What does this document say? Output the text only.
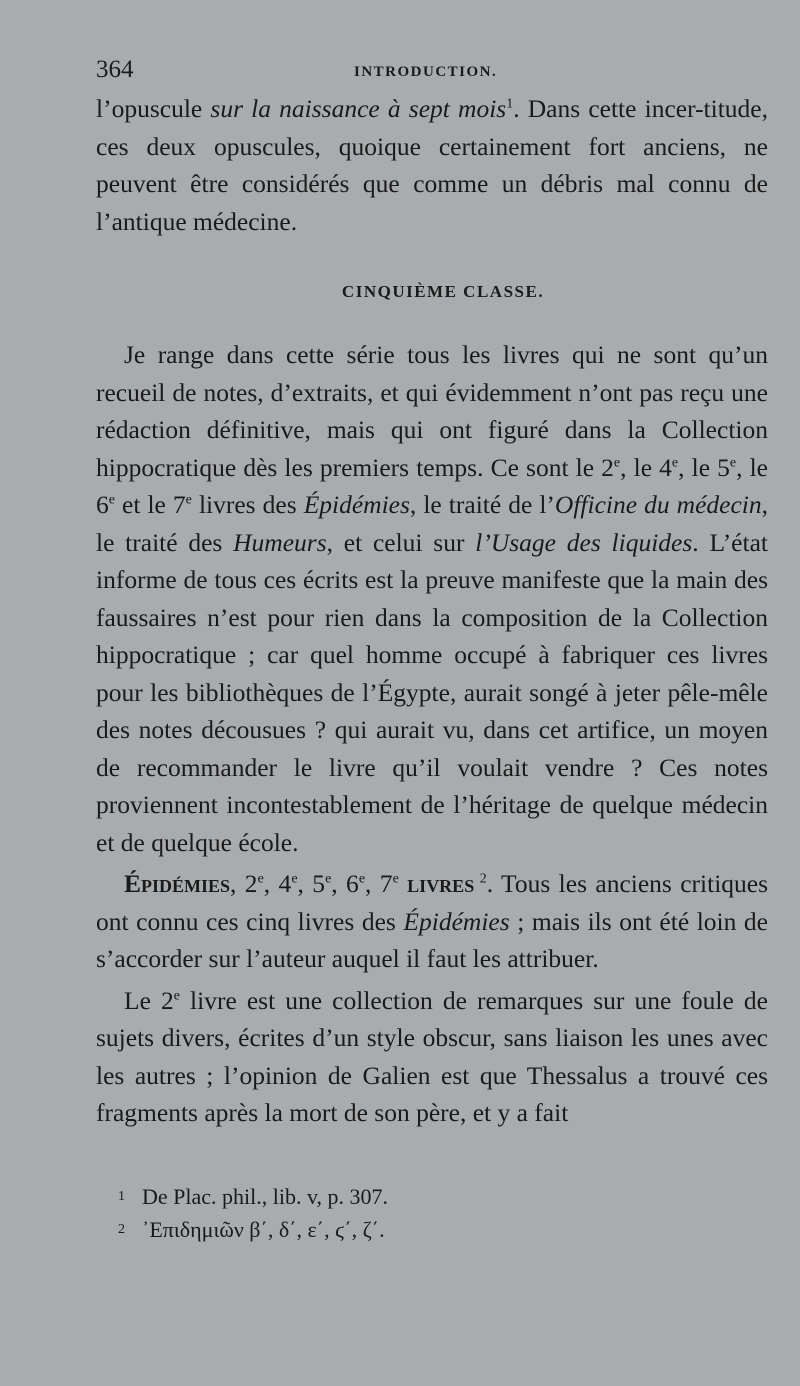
364	INTRODUCTION.

l’opuscule sur la naissance à sept mois$^1$. Dans cette incer-titude, ces deux opuscules, quoique certainement fort anciens, ne peuvent être considérés que comme un débris mal connu de l’antique médecine.

CINQUIÈME CLASSE.

Je range dans cette série tous les livres qui ne sont qu’un recueil de notes, d’extraits, et qui évidemment n’ont pas reçu une rédaction définitive, mais qui ont figuré dans la Collection hippocratique dès les premiers temps. Ce sont le 2e, le 4e, le 5e, le 6e et le 7e livres des Épidémies, le traité de l’Officine du médecin, le traité des Humeurs, et celui sur l’Usage des liquides. L’état informe de tous ces écrits est la preuve manifeste que la main des faussaires n’est pour rien dans la composition de la Collection hippocratique ; car quel homme occupé à fabriquer ces livres pour les bibliothèques de l’Égypte, aurait songé à jeter pêle-mêle des notes décousues ? qui aurait vu, dans cet artifice, un moyen de recommander le livre qu’il voulait vendre ? Ces notes proviennent incontestablement de l’héritage de quelque médecin et de quelque école.

Épidémies, 2e, 4e, 5e, 6e, 7e livres $^2$. Tous les anciens critiques ont connu ces cinq livres des Épidémies ; mais ils ont été loin de s’accorder sur l’auteur auquel il faut les attribuer.

Le 2e livre est une collection de remarques sur une foule de sujets divers, écrites d’un style obscur, sans liaison les unes avec les autres ; l’opinion de Galien est que Thessalus a trouvé ces fragments après la mort de son père, et y a fait

1 De Plac. phil., lib. v, p. 307.
2 ᾽Επιδημιῶν β΄, δ΄, ε΄, ϛ΄, ζ΄.
